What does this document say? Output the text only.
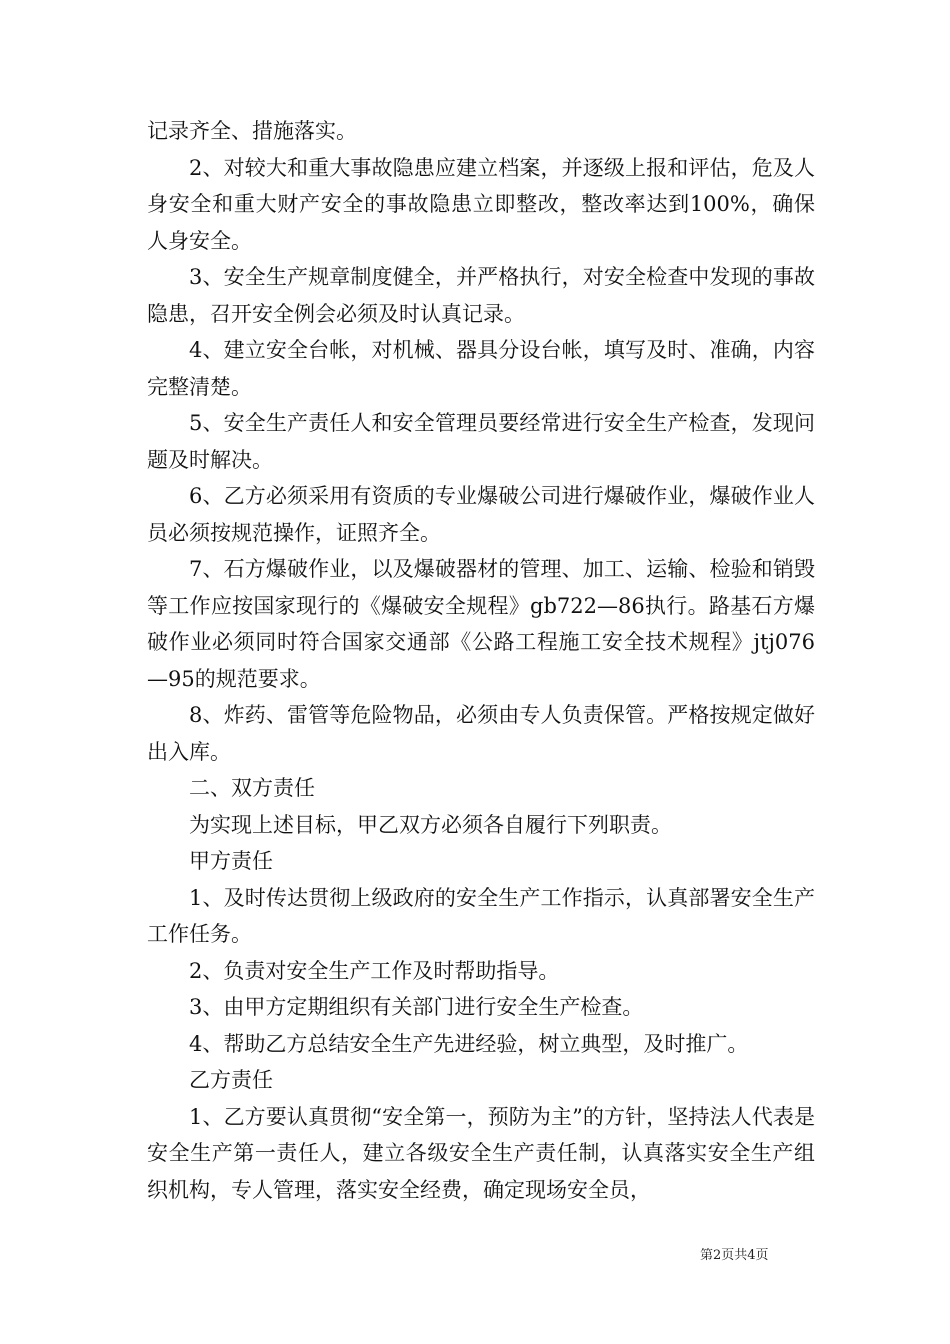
记录齐全、措施落实。

2、对较大和重大事故隐患应建立档案，并逐级上报和评估，危及人身安全和重大财产安全的事故隐患立即整改，整改率达到100%，确保人身安全。

3、安全生产规章制度健全，并严格执行，对安全检查中发现的事故隐患，召开安全例会必须及时认真记录。

4、建立安全台帐，对机械、器具分设台帐，填写及时、准确，内容完整清楚。

5、安全生产责任人和安全管理员要经常进行安全生产检查，发现问题及时解决。

6、乙方必须采用有资质的专业爆破公司进行爆破作业，爆破作业人员必须按规范操作，证照齐全。

7、石方爆破作业，以及爆破器材的管理、加工、运输、检验和销毁等工作应按国家现行的《爆破安全规程》gb722—86执行。路基石方爆破作业必须同时符合国家交通部《公路工程施工安全技术规程》jtj076—95的规范要求。

8、炸药、雷管等危险物品，必须由专人负责保管。严格按规定做好出入库。

二、双方责任

为实现上述目标，甲乙双方必须各自履行下列职责。

甲方责任

1、及时传达贯彻上级政府的安全生产工作指示，认真部署安全生产工作任务。

2、负责对安全生产工作及时帮助指导。

3、由甲方定期组织有关部门进行安全生产检查。

4、帮助乙方总结安全生产先进经验，树立典型，及时推广。

乙方责任

1、乙方要认真贯彻“安全第一，预防为主”的方针，坚持法人代表是安全生产第一责任人，建立各级安全生产责任制，认真落实安全生产组织机构，专人管理，落实安全经费，确定现场安全员，

第2页共4页
